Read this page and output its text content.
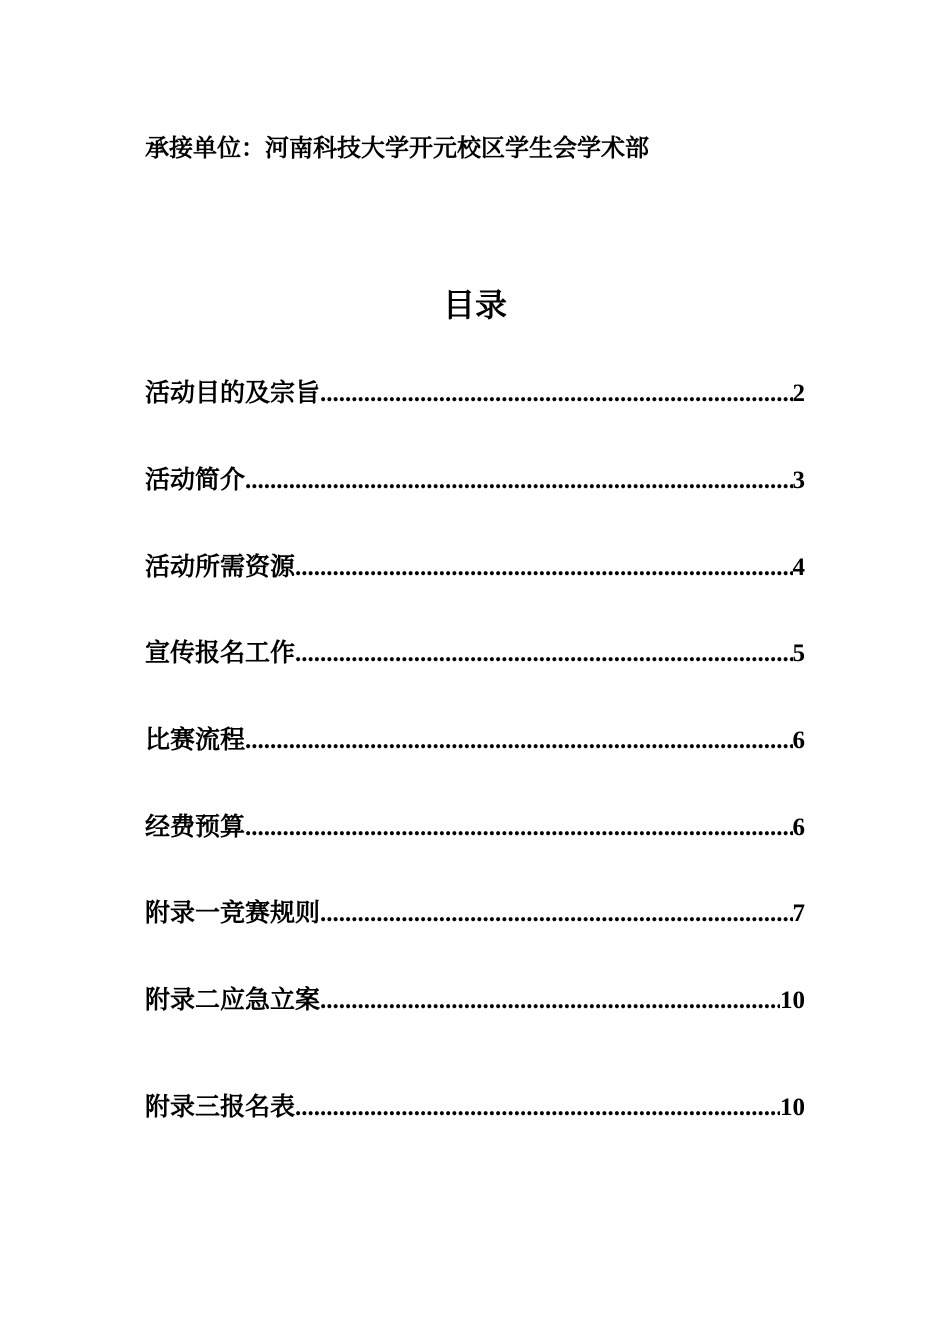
承接单位：河南科技大学开元校区学生会学术部
目录
活动目的及宗旨 .....	2
活动简介 .....	3
活动所需资源 .....	4
宣传报名工作 .....	5
比赛流程 .....	6
经费预算 .....	6
附录一竞赛规则 .....	7
附录二应急立案 .....	10
附录三报名表 .....	10
